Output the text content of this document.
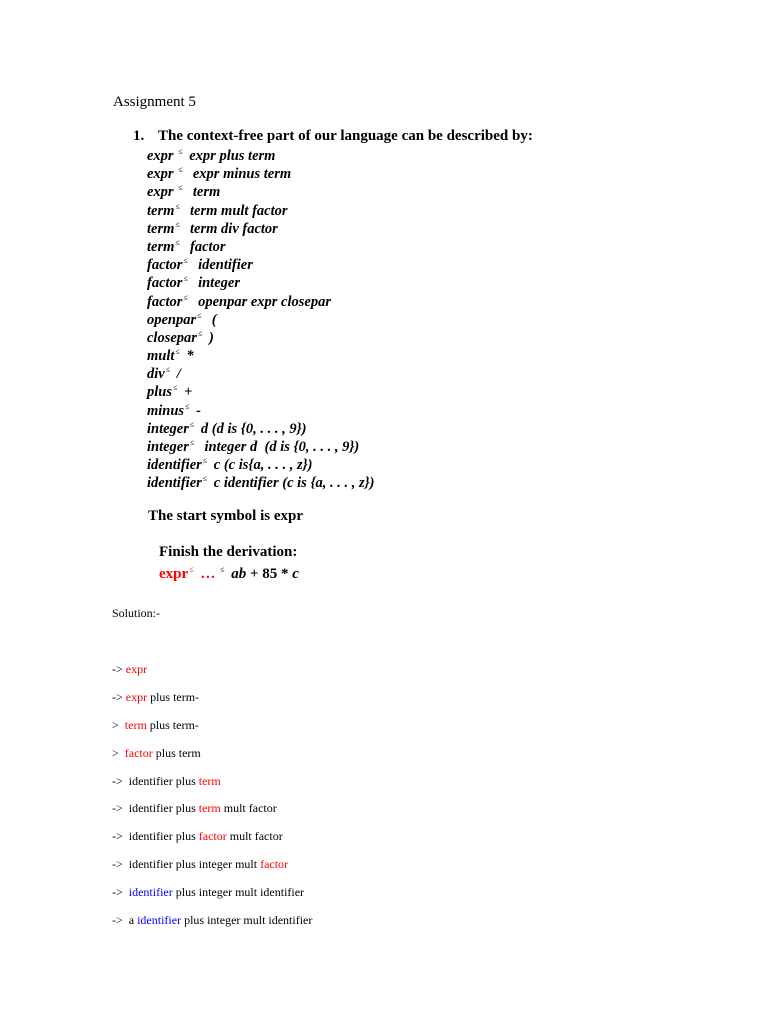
Assignment 5
1. The context-free part of our language can be described by:
expr ≤ expr plus term
expr ≤  expr minus term
expr ≤  term
term≤  term mult factor
term≤  term div factor
term≤  factor
factor≤  identifier
factor≤  integer
factor≤  openpar expr closepar
openpar≤  (
closepar≤ )
mult≤ *
div≤ /
plus≤ +
minus≤ -
integer≤ d (d is {0, . . . , 9})
integer≤  integer d  (d is {0, . . . , 9})
identifier≤ c (c is{a, . . . , z})
identifier≤ c identifier (c is {a, . . . , z})
The start symbol is expr
Finish the derivation:
expr≤ … ≤ ab + 85 * c
Solution:-
-> expr
-> expr plus term-
>  term plus term-
>  factor plus term
->  identifier plus term
->  identifier plus term mult factor
->  identifier plus factor mult factor
->  identifier plus integer mult factor
->  identifier plus integer mult identifier
->  a identifier plus integer mult identifier
